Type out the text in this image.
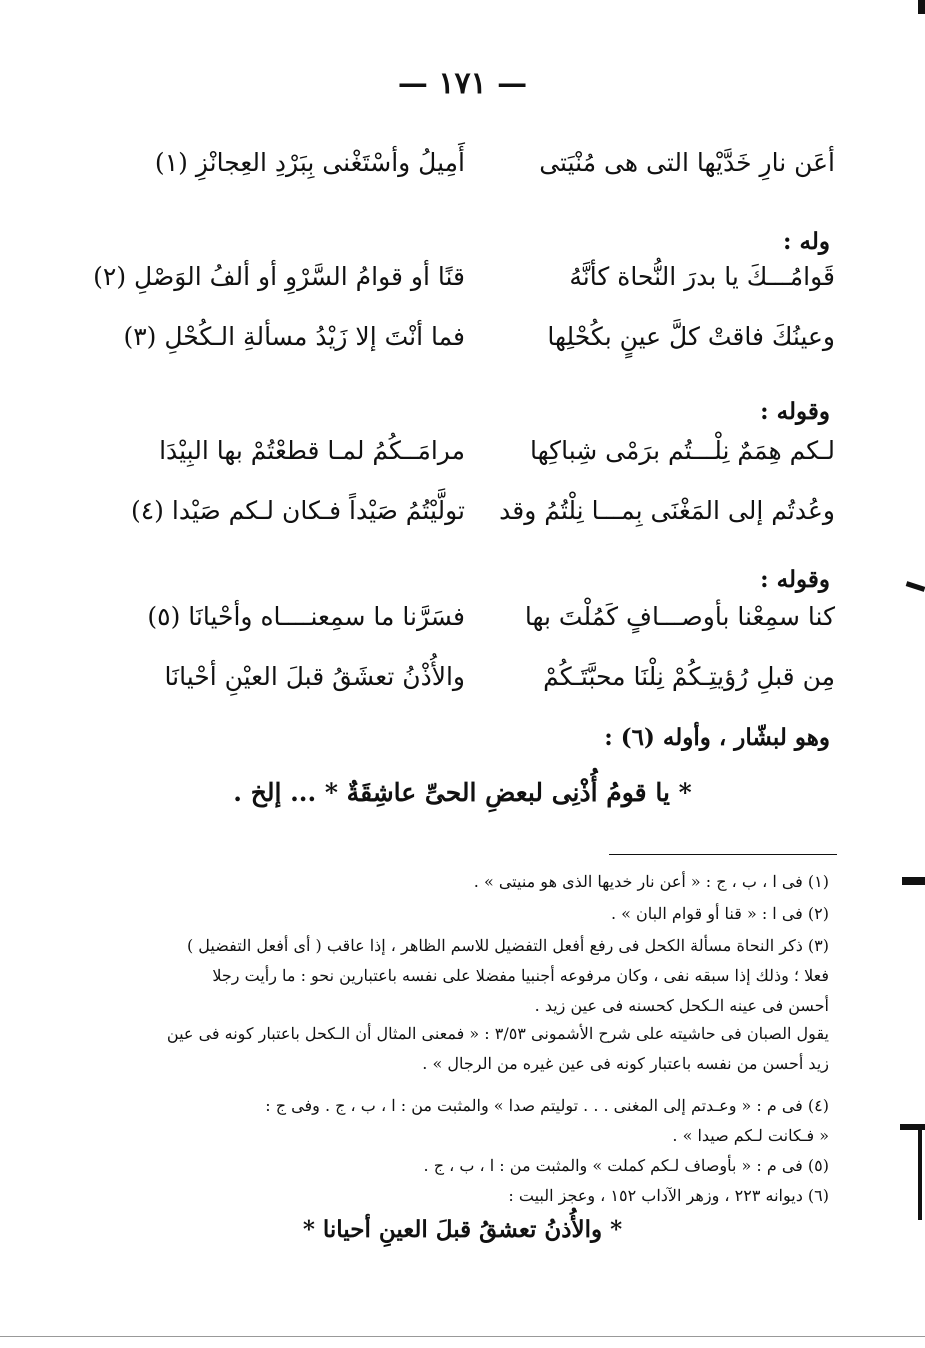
— ١٧١ —
أعَن نارِ خَدَّيْها التى هى مُنْيَتى
أَمِيلُ وأسْتَغْنى بِبَرْدِ العِجانْزِ (١)
وله :
قَوامُـــكَ يا بدرَ النُّحاة كأنَّهُ
قنًا أو قوامُ السَّرْوِ أو ألفُ الوَصْلِ (٢)
وعينُكَ فاقتْ كلَّ عينٍ بكُحْلِها
فما أنْتَ إلا زَيْدُ مسألةِ الـكُحْلِ (٣)
وقوله :
لـكم هِمَمٌ نِلْـــتُم برَمْى شِباكِها
مرامَــكُمُ لمـا قطعْتُمْ بها البِيْدَا
وعُدتُم إلى المَغْنَى بِمـــا نِلْتُمُ وقد
تولَّيْتُمُ صَيْداً فـكان لـكم صَيْدا (٤)
وقوله :
كنا سمِعْنا بأوصـــافٍ كَمُلْتَ بها
فسَرَّنا ما سمِعنــــاه وأحْيانَا (٥)
مِن قبلِ رُؤيتِـكُمْ نِلْنَا محبَّتَـكُمْ
والأُذْنُ تعشَقُ قبلَ العيْنِ أحْيانَا
وهو لبشّار ، وأوله (٦) :
* يا قومُ أُذْنِى لبعضِ الحىِّ عاشِقَةٌ * ... إلخ .
(١) فى ا ، ب ، ج : « أعن نار خديها الذى هو منيتى » .
(٢) فى ا : « قنا أو قوام البان » .
(٣) ذكر النحاة مسألة الكحل فى رفع أفعل التفضيل للاسم الظاهر ، إذا عاقب ( أى أفعل التفضيل )
فعلا ؛ وذلك إذا سبقه نفى ، وكان مرفوعه أجنبيا مفضلا على نفسه باعتبارين نحو : ما رأيت رجلا
أحسن فى عينه الـكحل كحسنه فى عين زيد .
يقول الصبان فى حاشيته على شرح الأشمونى ٣/٥٣ : « فمعنى المثال أن الـكحل باعتبار كونه فى عين
زيد أحسن من نفسه باعتبار كونه فى عين غيره من الرجال » .
(٤) فى م : « وعـدتم إلى المغنى . . . توليتم صدا » والمثبت من : ا ، ب ، ج . وفى ج :
« فـكانت لـكم صيدا » .
(٥) فى م : « بأوصاف لـكم كملت » والمثبت من : ا ، ب ، ج .
(٦) ديوانه ٢٢٣ ، وزهر الآداب ١٥٢ ، وعجز البيت :
* والأُذنُ تعشقُ قبلَ العينِ أحيانا *
